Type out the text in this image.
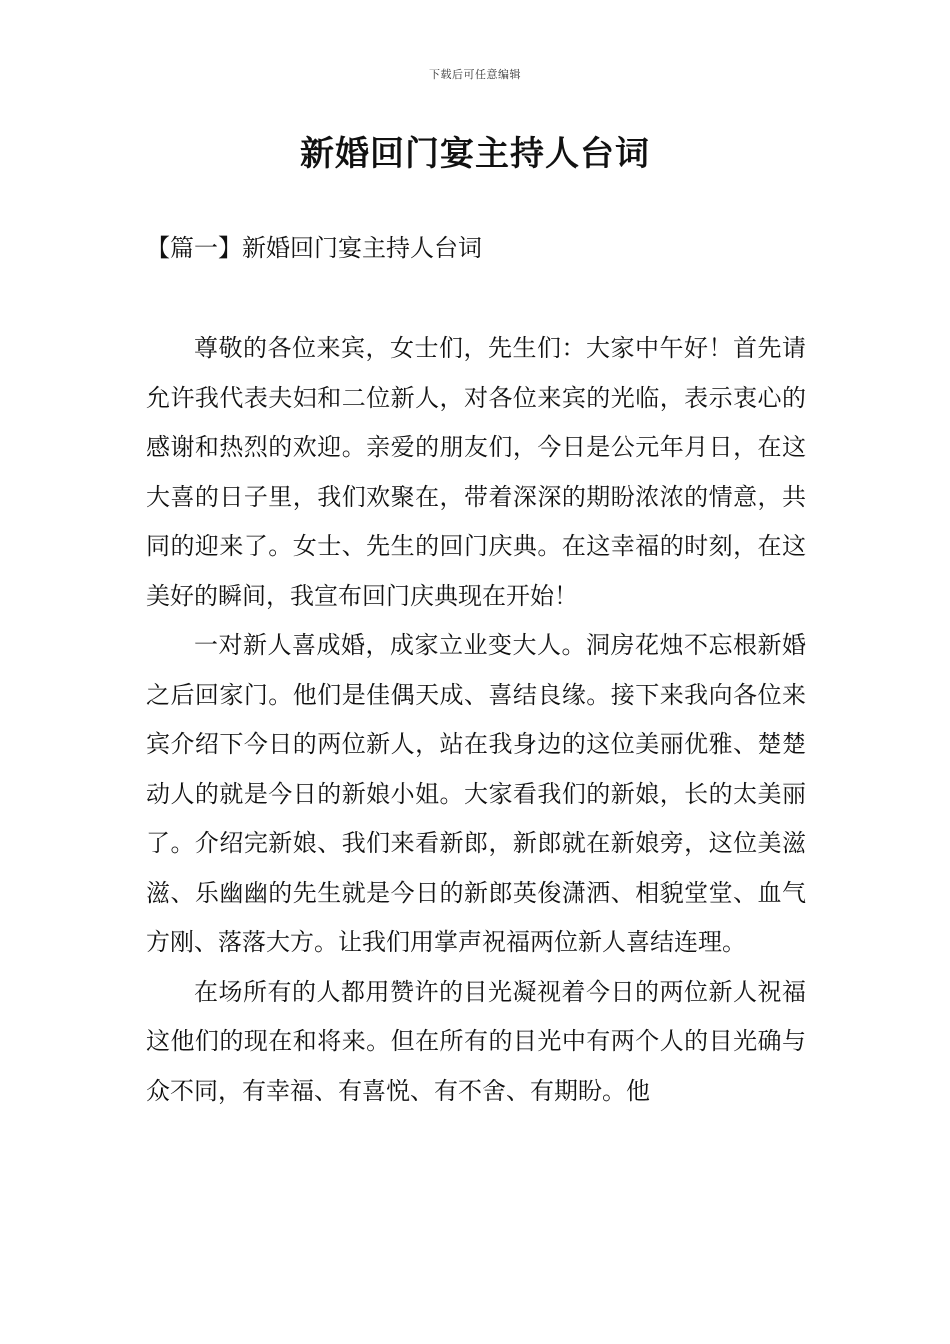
下载后可任意编辑
新婚回门宴主持人台词
【篇一】新婚回门宴主持人台词

尊敬的各位来宾，女士们，先生们：大家中午好！首先请允许我代表夫妇和二位新人，对各位来宾的光临，表示衷心的感谢和热烈的欢迎。亲爱的朋友们，今日是公元年月日，在这大喜的日子里，我们欢聚在，带着深深的期盼浓浓的情意，共同的迎来了。女士、先生的回门庆典。在这幸福的时刻，在这美好的瞬间，我宣布回门庆典现在开始！

一对新人喜成婚，成家立业变大人。洞房花烛不忘根新婚之后回家门。他们是佳偶天成、喜结良缘。接下来我向各位来宾介绍下今日的两位新人，站在我身边的这位美丽优雅、楚楚动人的就是今日的新娘小姐。大家看我们的新娘，长的太美丽了。介绍完新娘、我们来看新郎，新郎就在新娘旁，这位美滋滋、乐幽幽的先生就是今日的新郎英俊潇洒、相貌堂堂、血气方刚、落落大方。让我们用掌声祝福两位新人喜结连理。

在场所有的人都用赞许的目光凝视着今日的两位新人祝福这他们的现在和将来。但在所有的目光中有两个人的目光确与众不同，有幸福、有喜悦、有不舍、有期盼。他
